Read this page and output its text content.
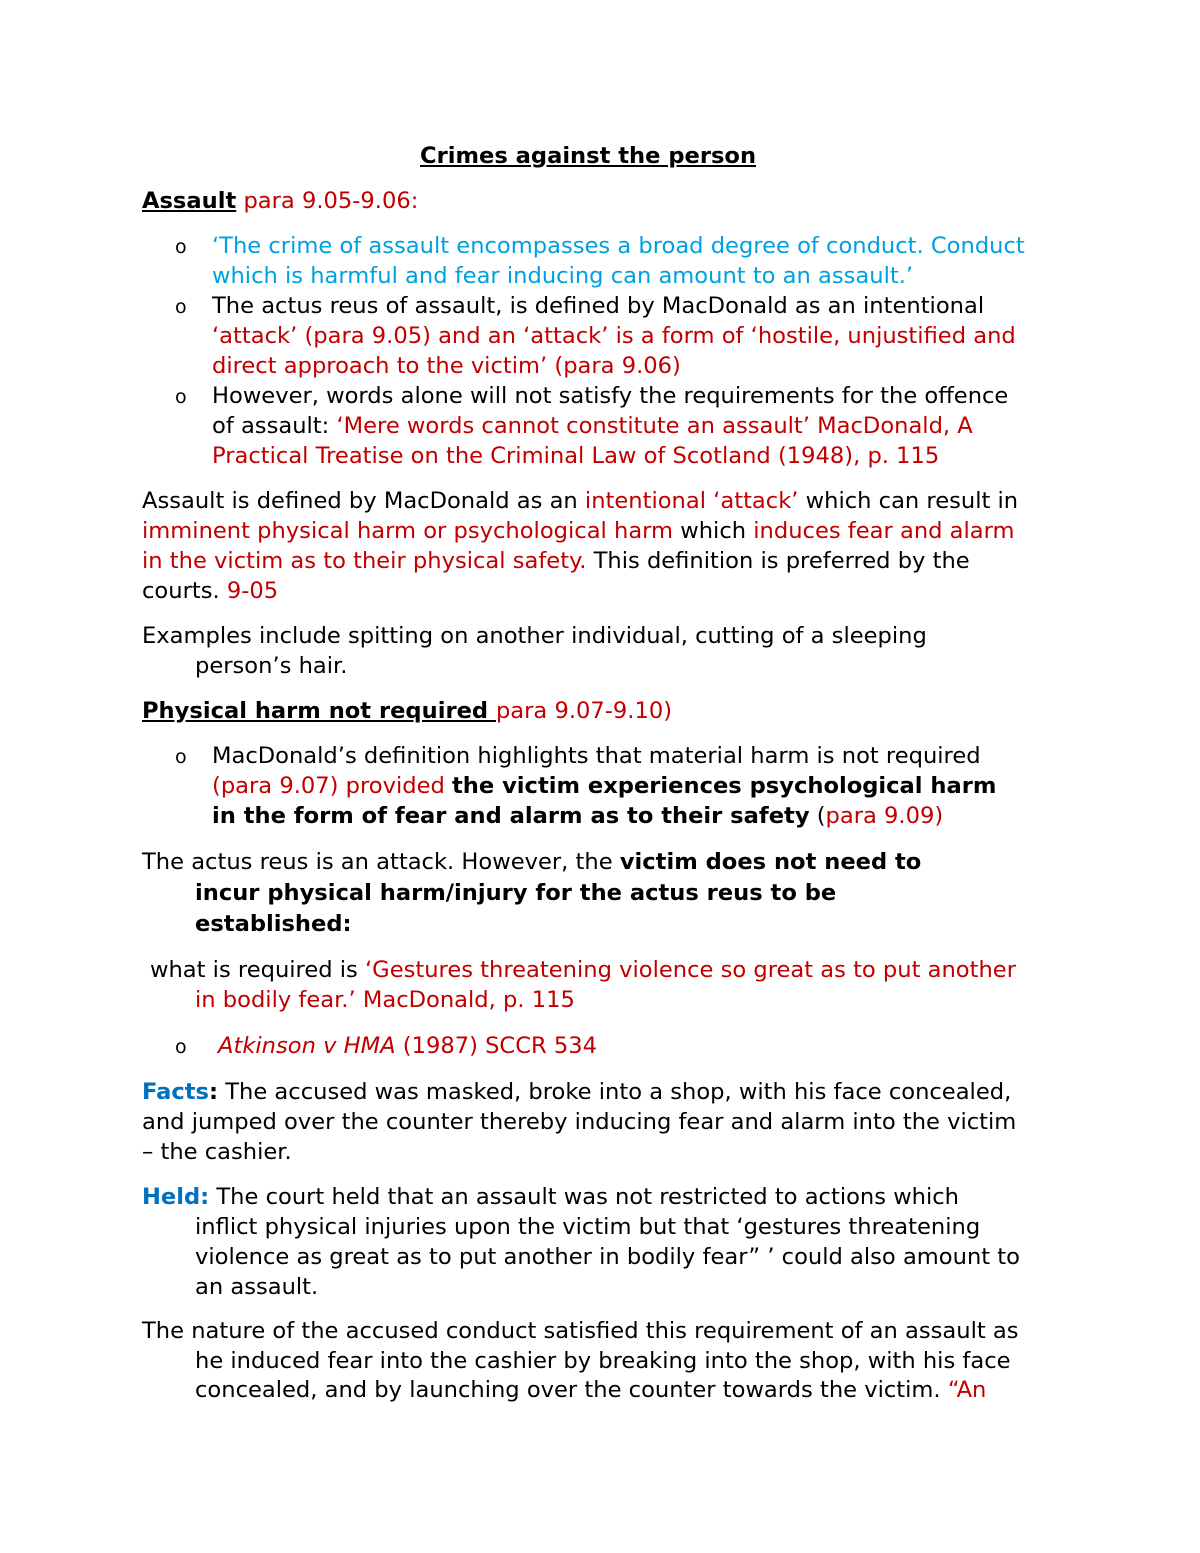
Crimes against the person

Assault para 9.05-9.06:

o ‘The crime of assault encompasses a broad degree of conduct. Conduct

which is harmful and fear inducing can amount to an assault.’

o The actus reus of assault, is defined by MacDonald as an intentional

‘attack’ (para 9.05) and an ‘attack’ is a form of ‘hostile, unjustified and

direct approach to the victim’ (para 9.06)

o However, words alone will not satisfy the requirements for the offence

of assault: ‘Mere words cannot constitute an assault’ MacDonald, A

Practical Treatise on the Criminal Law of Scotland (1948), p. 115

Assault is defined by MacDonald as an intentional ‘attack’ which can result in

imminent physical harm or psychological harm which induces fear and alarm

in the victim as to their physical safety. This definition is preferred by the

courts. 9-05

Examples include spitting on another individual, cutting of a sleeping

person’s hair.

Physical harm not required para 9.07-9.10)

o MacDonald’s definition highlights that material harm is not required

(para 9.07) provided the victim experiences psychological harm

in the form of fear and alarm as to their safety (para 9.09)

The actus reus is an attack. However, the victim does not need to

incur physical harm/injury for the actus reus to be

established:

what is required is ‘Gestures threatening violence so great as to put another

in bodily fear.’ MacDonald, p. 115

o Atkinson v HMA (1987) SCCR 534

Facts: The accused was masked, broke into a shop, with his face concealed,

and jumped over the counter thereby inducing fear and alarm into the victim

– the cashier.

Held: The court held that an assault was not restricted to actions which

inflict physical injuries upon the victim but that ‘gestures threatening

violence as great as to put another in bodily fear” ’ could also amount to

an assault.

The nature of the accused conduct satisfied this requirement of an assault as

he induced fear into the cashier by breaking into the shop, with his face

concealed, and by launching over the counter towards the victim. “An
